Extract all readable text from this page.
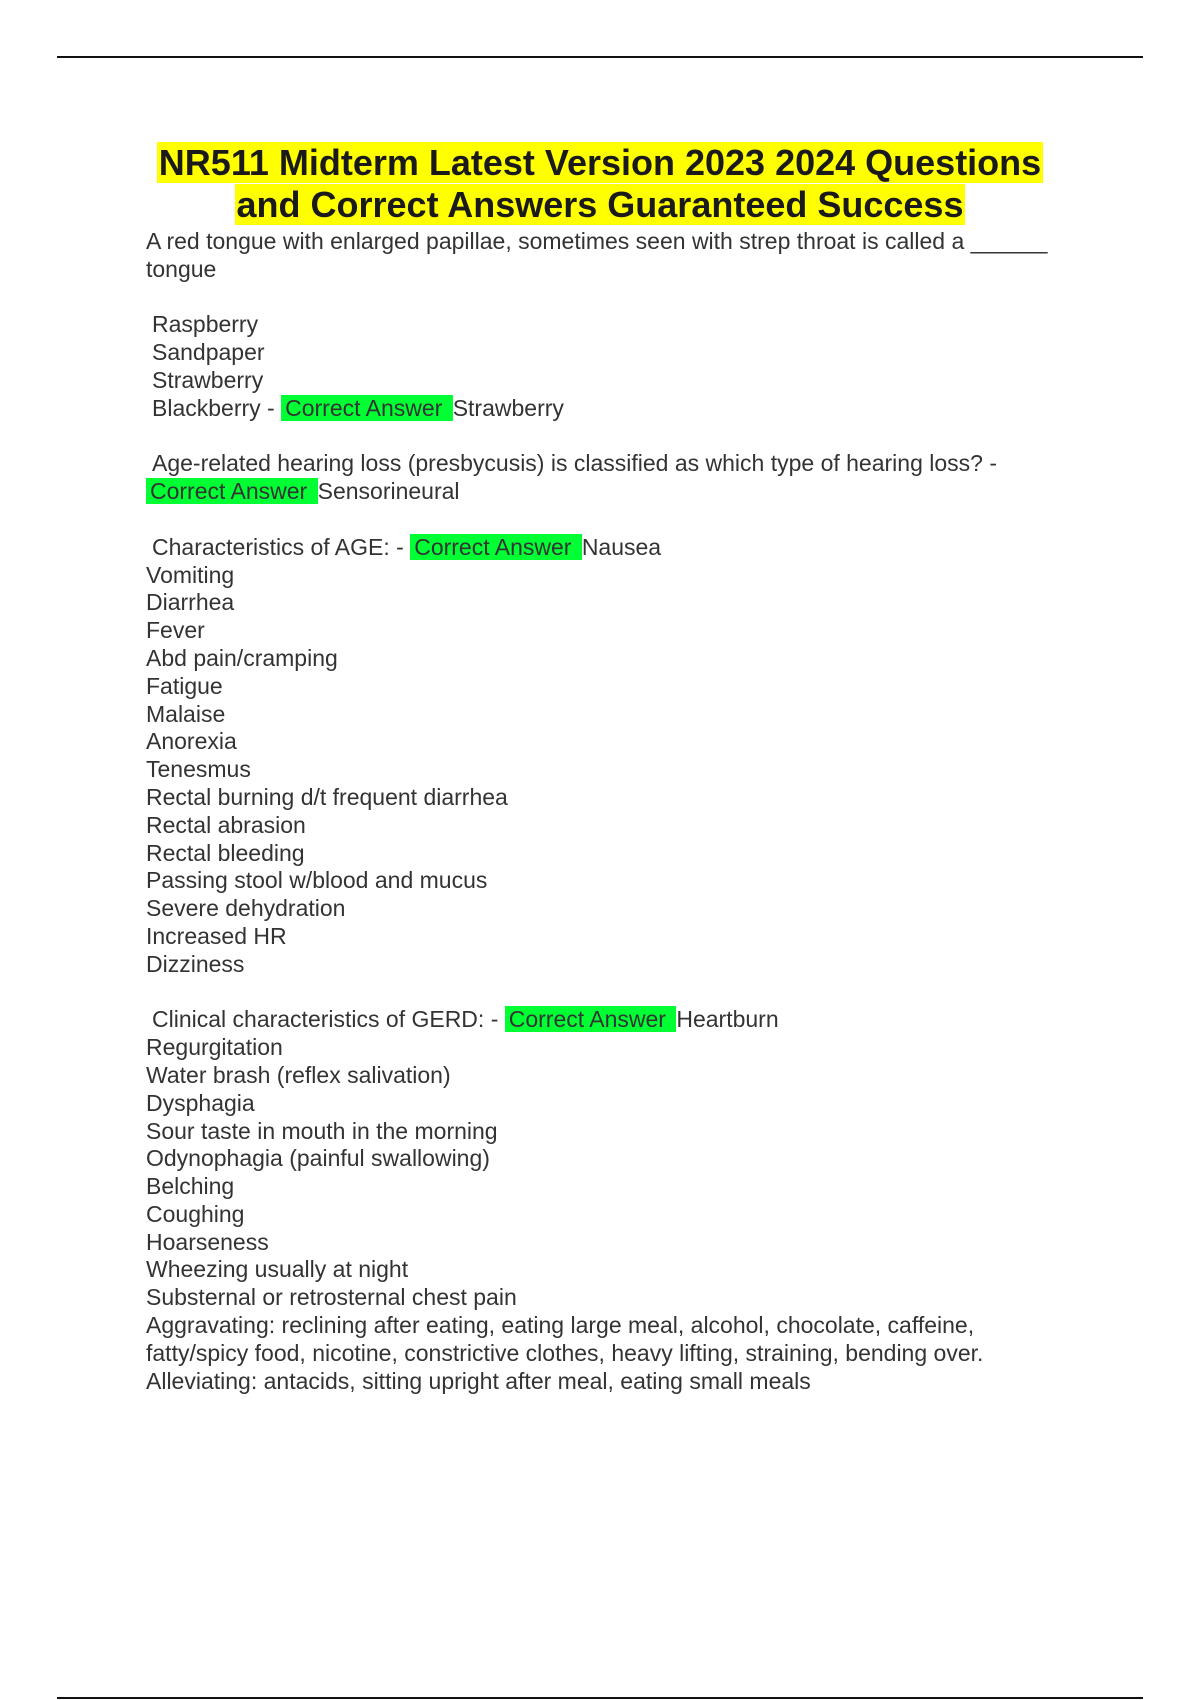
NR511 Midterm Latest Version 2023 2024 Questions
and Correct Answers Guaranteed Success
A red tongue with enlarged papillae, sometimes seen with strep throat is called a ______
tongue
Raspberry
Sandpaper
Strawberry
Blackberry - Correct Answer Strawberry
Age-related hearing loss (presbycusis) is classified as which type of hearing loss? -
Correct Answer Sensorineural
Characteristics of AGE: - Correct Answer Nausea
Vomiting
Diarrhea
Fever
Abd pain/cramping
Fatigue
Malaise
Anorexia
Tenesmus
Rectal burning d/t frequent diarrhea
Rectal abrasion
Rectal bleeding
Passing stool w/blood and mucus
Severe dehydration
Increased HR
Dizziness
Clinical characteristics of GERD: - Correct Answer Heartburn
Regurgitation
Water brash (reflex salivation)
Dysphagia
Sour taste in mouth in the morning
Odynophagia (painful swallowing)
Belching
Coughing
Hoarseness
Wheezing usually at night
Substernal or retrosternal chest pain
Aggravating: reclining after eating, eating large meal, alcohol, chocolate, caffeine,
fatty/spicy food, nicotine, constrictive clothes, heavy lifting, straining, bending over.
Alleviating: antacids, sitting upright after meal, eating small meals
